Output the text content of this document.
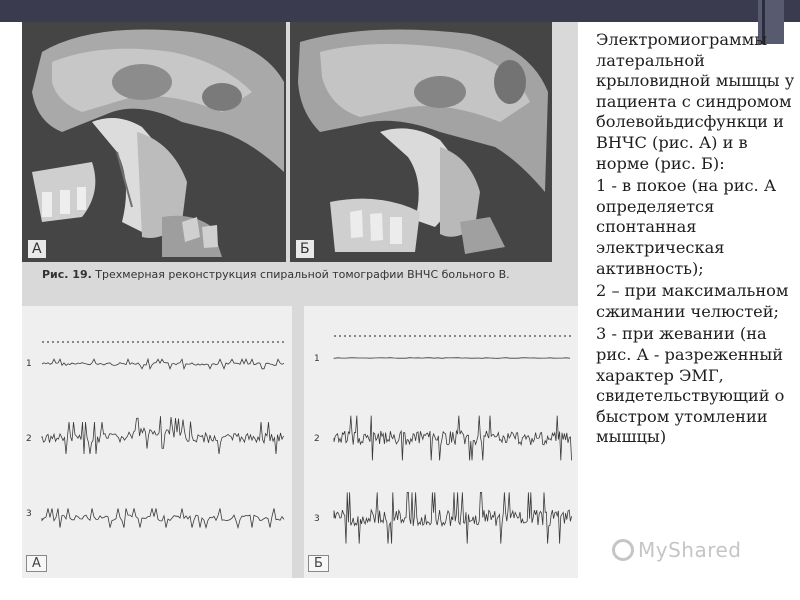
А	Б
Рис. 19. Трехмерная реконструкция спиральной томографии ВНЧС больного В.
1
2
3
А
1
2
3
Б

Электромиограммы латеральной крыловидной мышцы у пациента с синдромом болевойьдисфункци и ВНЧС (рис. А) и в норме (рис. Б):

1 - в покое (на рис. А определяется спонтанная электрическая активность);

2 – при максимальном сжимании челюстей;

3 - при жевании (на рис. А - разреженный характер ЭМГ, свидетельствующий о быстром утомлении мышцы)

MyShared
